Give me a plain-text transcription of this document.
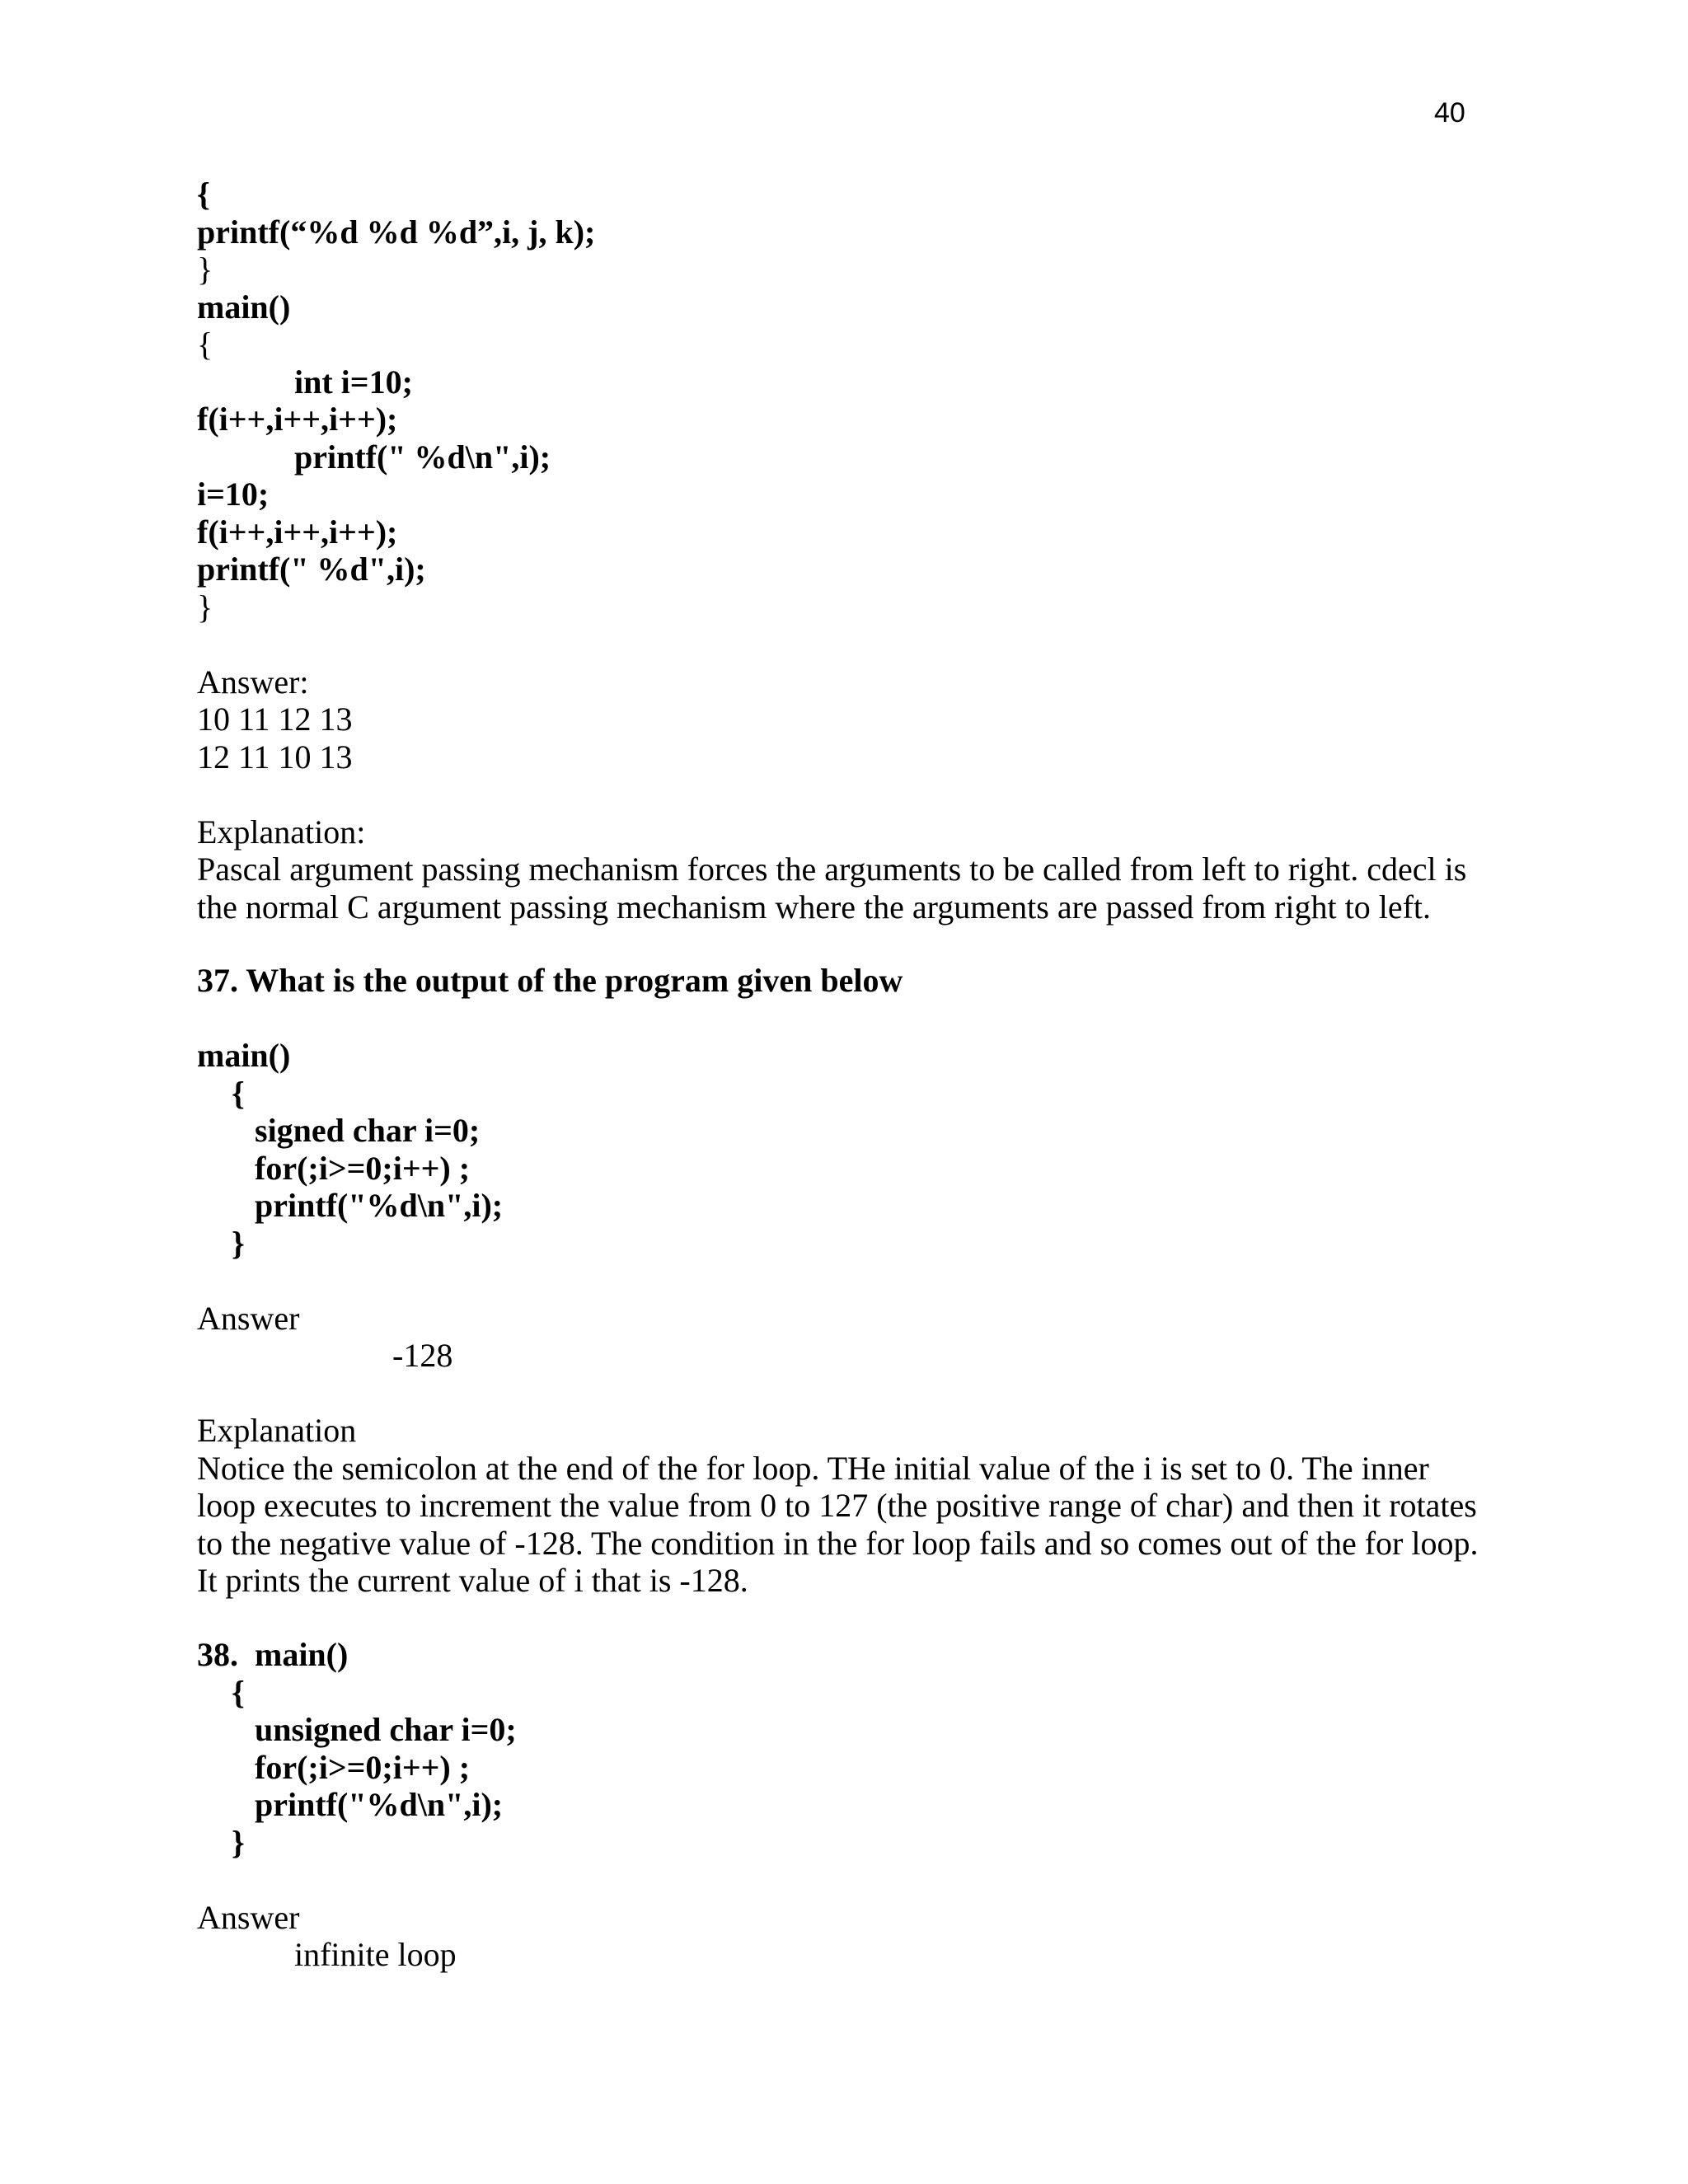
40

{

printf(“%d %d %d”,i, j, k);

}

main()

{

int i=10;

f(i++,i++,i++);

printf(" %d\n",i);

i=10;

f(i++,i++,i++);

printf(" %d",i);

}

Answer:

10 11 12 13

12 11 10 13

Explanation:

Pascal argument passing mechanism forces the arguments to be called from left to right. cdecl is

the normal C argument passing mechanism where the arguments are passed from right to left.

37. What is the output of the program given below

main()

{

signed char i=0;

for(;i>=0;i++) ;

printf("%d\n",i);

}

Answer

-128

Explanation

Notice the semicolon at the end of the for loop. THe initial value of the i is set to 0. The inner

loop executes to increment the value from 0 to 127 (the positive range of char) and then it rotates

to the negative value of -128. The condition in the for loop fails and so comes out of the for loop.

It prints the current value of i that is -128.

38. main()

{

unsigned char i=0;

for(;i>=0;i++) ;

printf("%d\n",i);

}

Answer

infinite loop
